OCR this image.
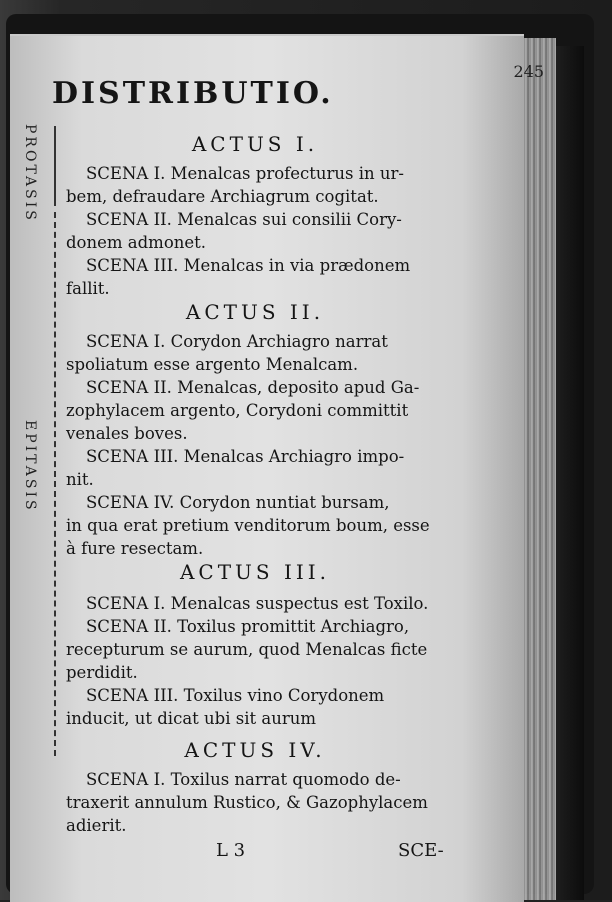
245
DISTRIBUTIO.
PROTASIS
EPITASIS
ACTUS I.
SCENA I. Menalcas profecturus in ur-
bem, defraudare Archiagrum cogitat.
SCENA II. Menalcas sui consilii Cory-
donem admonet.
SCENA III. Menalcas in via prædonem
fallit.
ACTUS II.
SCENA I. Corydon Archiagro narrat
spoliatum esse argento Menalcam.
SCENA II. Menalcas, deposito apud Ga-
zophylacem argento, Corydoni committit
venales boves.
SCENA III. Menalcas Archiagro impo-
nit.
SCENA IV. Corydon nuntiat bursam,
in qua erat pretium venditorum boum, esse
à fure resectam.
ACTUS III.
SCENA I. Menalcas suspectus est Toxilo.
SCENA II. Toxilus promittit Archiagro,
recepturum se aurum, quod Menalcas ficte
perdidit.
SCENA III. Toxilus vino Corydonem
inducit, ut dicat ubi sit aurum
ACTUS IV.
SCENA I. Toxilus narrat quomodo de-
traxerit annulum Rustico, & Gazophylacem
adierit.
L 3	SCE-
